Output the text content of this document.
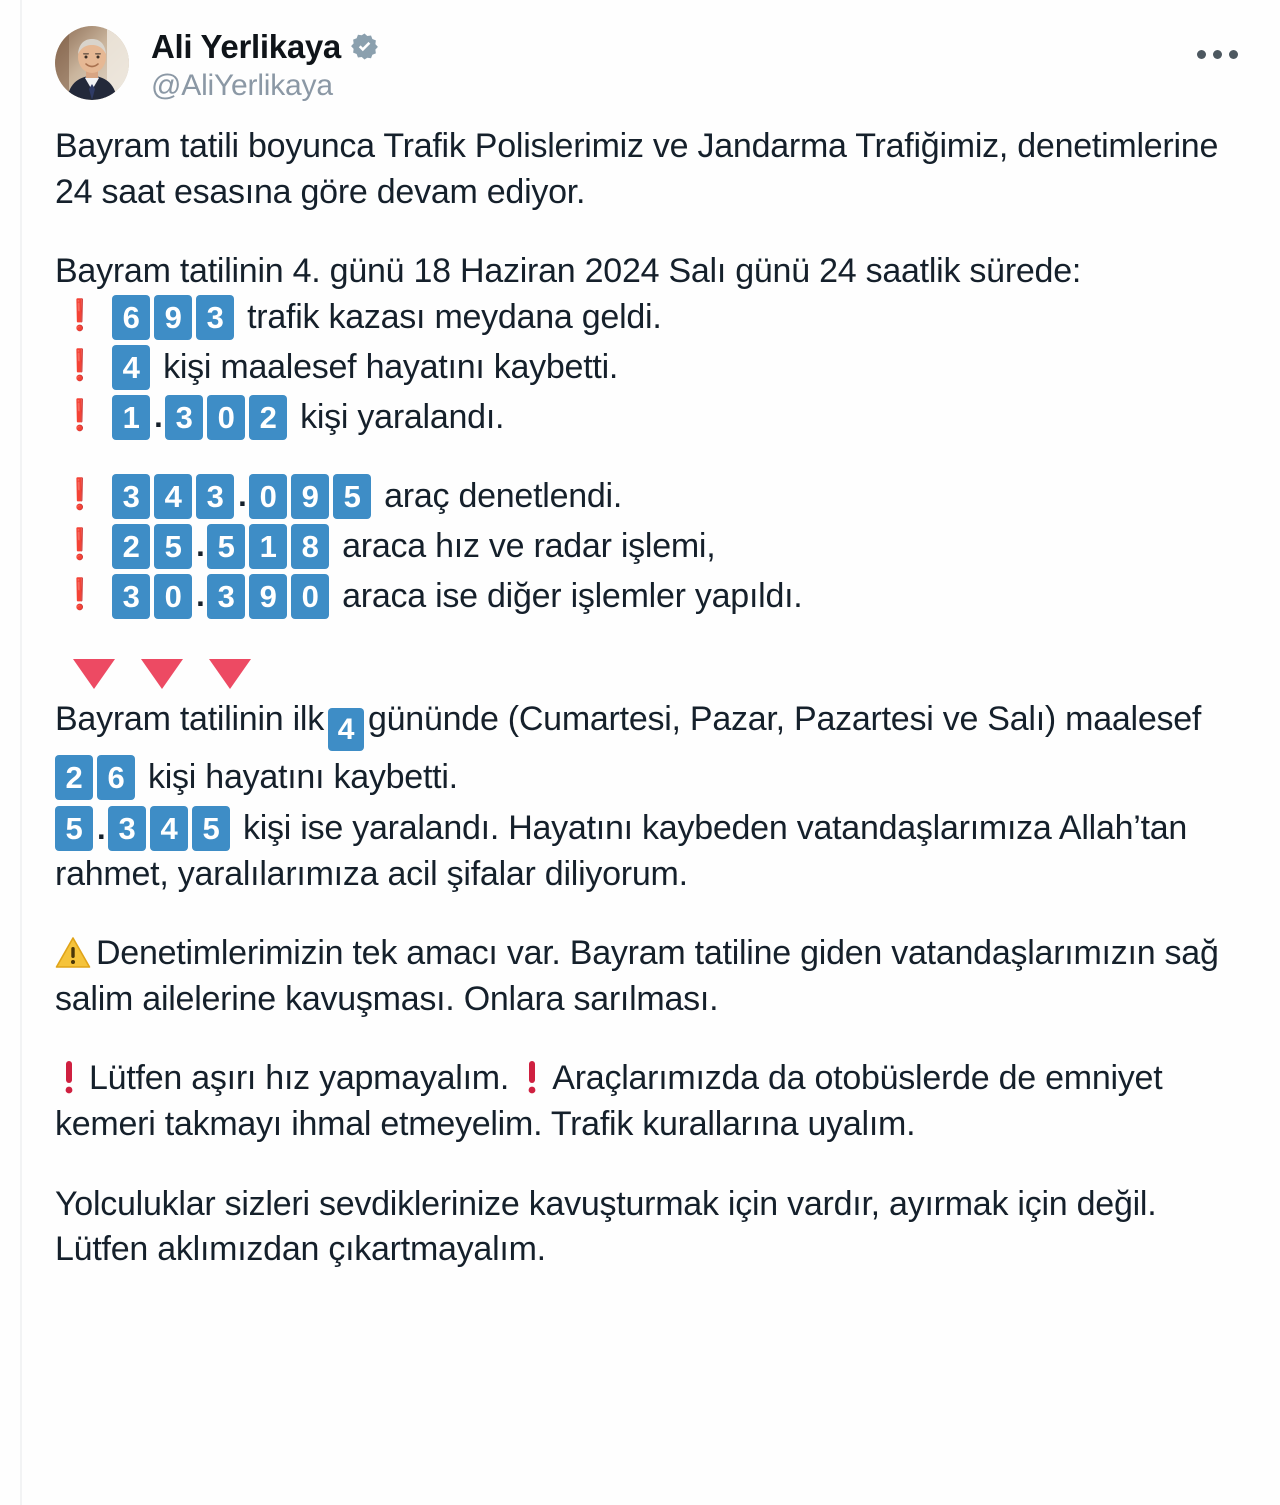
Ali Yerlikaya
@AliYerlikaya

Bayram tatili boyunca Trafik Polislerimiz ve Jandarma Trafiğimiz, denetimlerine 24 saat esasına göre devam ediyor.

Bayram tatilinin 4. günü 18 Haziran 2024 Salı günü 24 saatlik sürede:

❗ 6 9 3 trafik kazası meydana geldi.
❗ 4 kişi maalesef hayatını kaybetti.
❗ 1 . 3 0 2 kişi yaralandı.
❗ 3 4 3 . 0 9 5 araç denetlendi.
❗ 2 5 . 5 1 8 araca hız ve radar işlemi,
❗ 3 0 . 3 9 0 araca ise diğer işlemler yapıldı.

Bayram tatilinin ilk 4 gününde (Cumartesi, Pazar, Pazartesi ve Salı) maalesef

2 6 kişi hayatını kaybetti.

5 . 3 4 5 kişi ise yaralandı. Hayatını kaybeden vatandaşlarımıza Allah’tan rahmet, yaralılarımıza acil şifalar diliyorum.

Denetimlerimizin tek amacı var. Bayram tatiline giden vatandaşlarımızın sağ salim ailelerine kavuşması. Onlara sarılması.

Lütfen aşırı hız yapmayalım. Araçlarımızda da otobüslerde de emniyet kemeri takmayı ihmal etmeyelim. Trafik kurallarına uyalım.

Yolculuklar sizleri sevdiklerinize kavuşturmak için vardır, ayırmak için değil. Lütfen aklımızdan çıkartmayalım.
